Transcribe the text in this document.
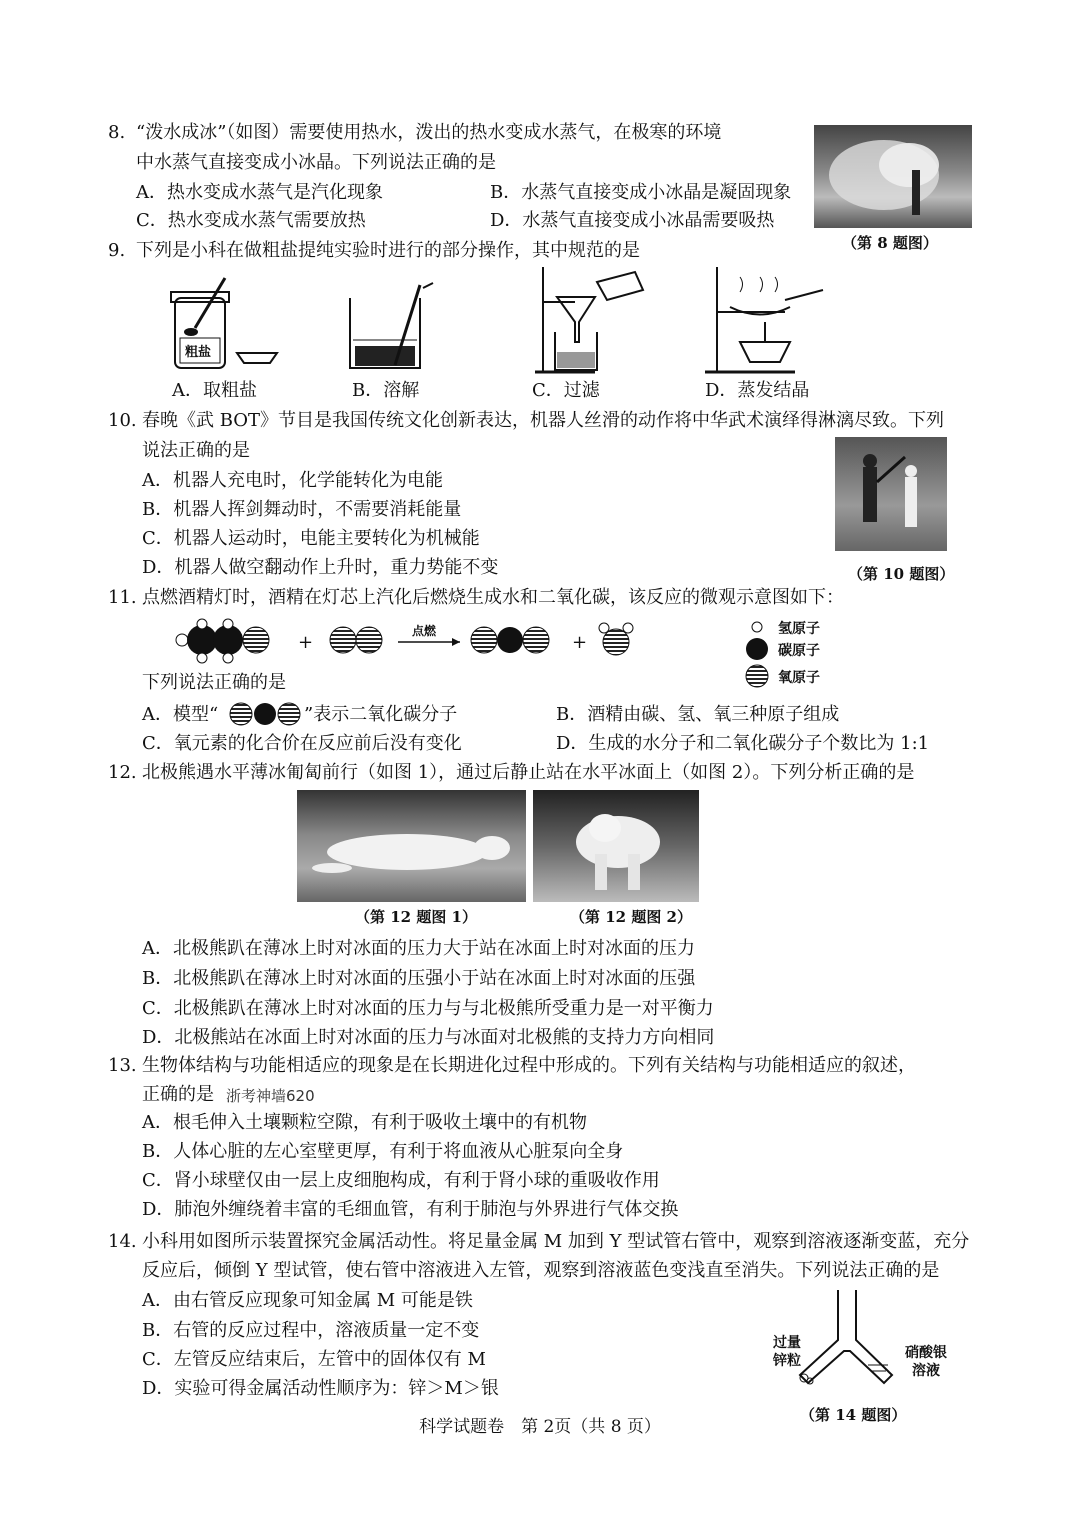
8. “泼水成冰”（如图）需要使用热水，泼出的热水变成水蒸气，在极寒的环境
中水蒸气直接变成小冰晶。下列说法正确的是
A．热水变成水蒸气是汽化现象	B．水蒸气直接变成小冰晶是凝固现象
C．热水变成水蒸气需要放热	D．水蒸气直接变成小冰晶需要吸热
（第 8 题图）
9. 下列是小科在做粗盐提纯实验时进行的部分操作，其中规范的是
粗盐
A．取粗盐	B．溶解	C．过滤	D．蒸发结晶
10. 春晚《武 BOT》节目是我国传统文化创新表达，机器人丝滑的动作将中华武术演绎得淋漓尽致。下列
说法正确的是
A．机器人充电时，化学能转化为电能
B．机器人挥剑舞动时，不需要消耗能量
C．机器人运动时，电能主要转化为机械能
D．机器人做空翻动作上升时，重力势能不变	（第 10 题图）
11. 点燃酒精灯时，酒精在灯芯上汽化后燃烧生成水和二氧化碳，该反应的微观示意图如下：
+
点燃
+
氢原子
碳原子
氧原子
下列说法正确的是
A．模型“	”表示二氧化碳分子	B．酒精由碳、氢、氧三种原子组成
C．氧元素的化合价在反应前后没有变化	D．生成的水分子和二氧化碳分子个数比为 1:1
12. 北极熊遇水平薄冰匍匐前行（如图 1），通过后静止站在水平冰面上（如图 2）。下列分析正确的是
（第 12 题图 1）	（第 12 题图 2）
A．北极熊趴在薄冰上时对冰面的压力大于站在冰面上时对冰面的压力
B．北极熊趴在薄冰上时对冰面的压强小于站在冰面上时对冰面的压强
C．北极熊趴在薄冰上时对冰面的压力与与北极熊所受重力是一对平衡力
D．北极熊站在冰面上时对冰面的压力与冰面对北极熊的支持力方向相同
13. 生物体结构与功能相适应的现象是在长期进化过程中形成的。下列有关结构与功能相适应的叙述，
正确的是 浙考神墙620
A．根毛伸入土壤颗粒空隙，有利于吸收土壤中的有机物
B．人体心脏的左心室壁更厚，有利于将血液从心脏泵向全身
C．肾小球壁仅由一层上皮细胞构成，有利于肾小球的重吸收作用
D．肺泡外缠绕着丰富的毛细血管，有利于肺泡与外界进行气体交换
14. 小科用如图所示装置探究金属活动性。将足量金属 M 加到 Y 型试管右管中，观察到溶液逐渐变蓝，充分
反应后，倾倒 Y 型试管，使右管中溶液进入左管，观察到溶液蓝色变浅直至消失。下列说法正确的是
A．由右管反应现象可知金属 M 可能是铁
B．右管的反应过程中，溶液质量一定不变
C．左管反应结束后，左管中的固体仅有 M
D．实验可得金属活动性顺序为：锌＞M＞银
过量
锌粒	硝酸银
溶液
（第 14 题图）
科学试题卷　第 2页（共 8 页）
